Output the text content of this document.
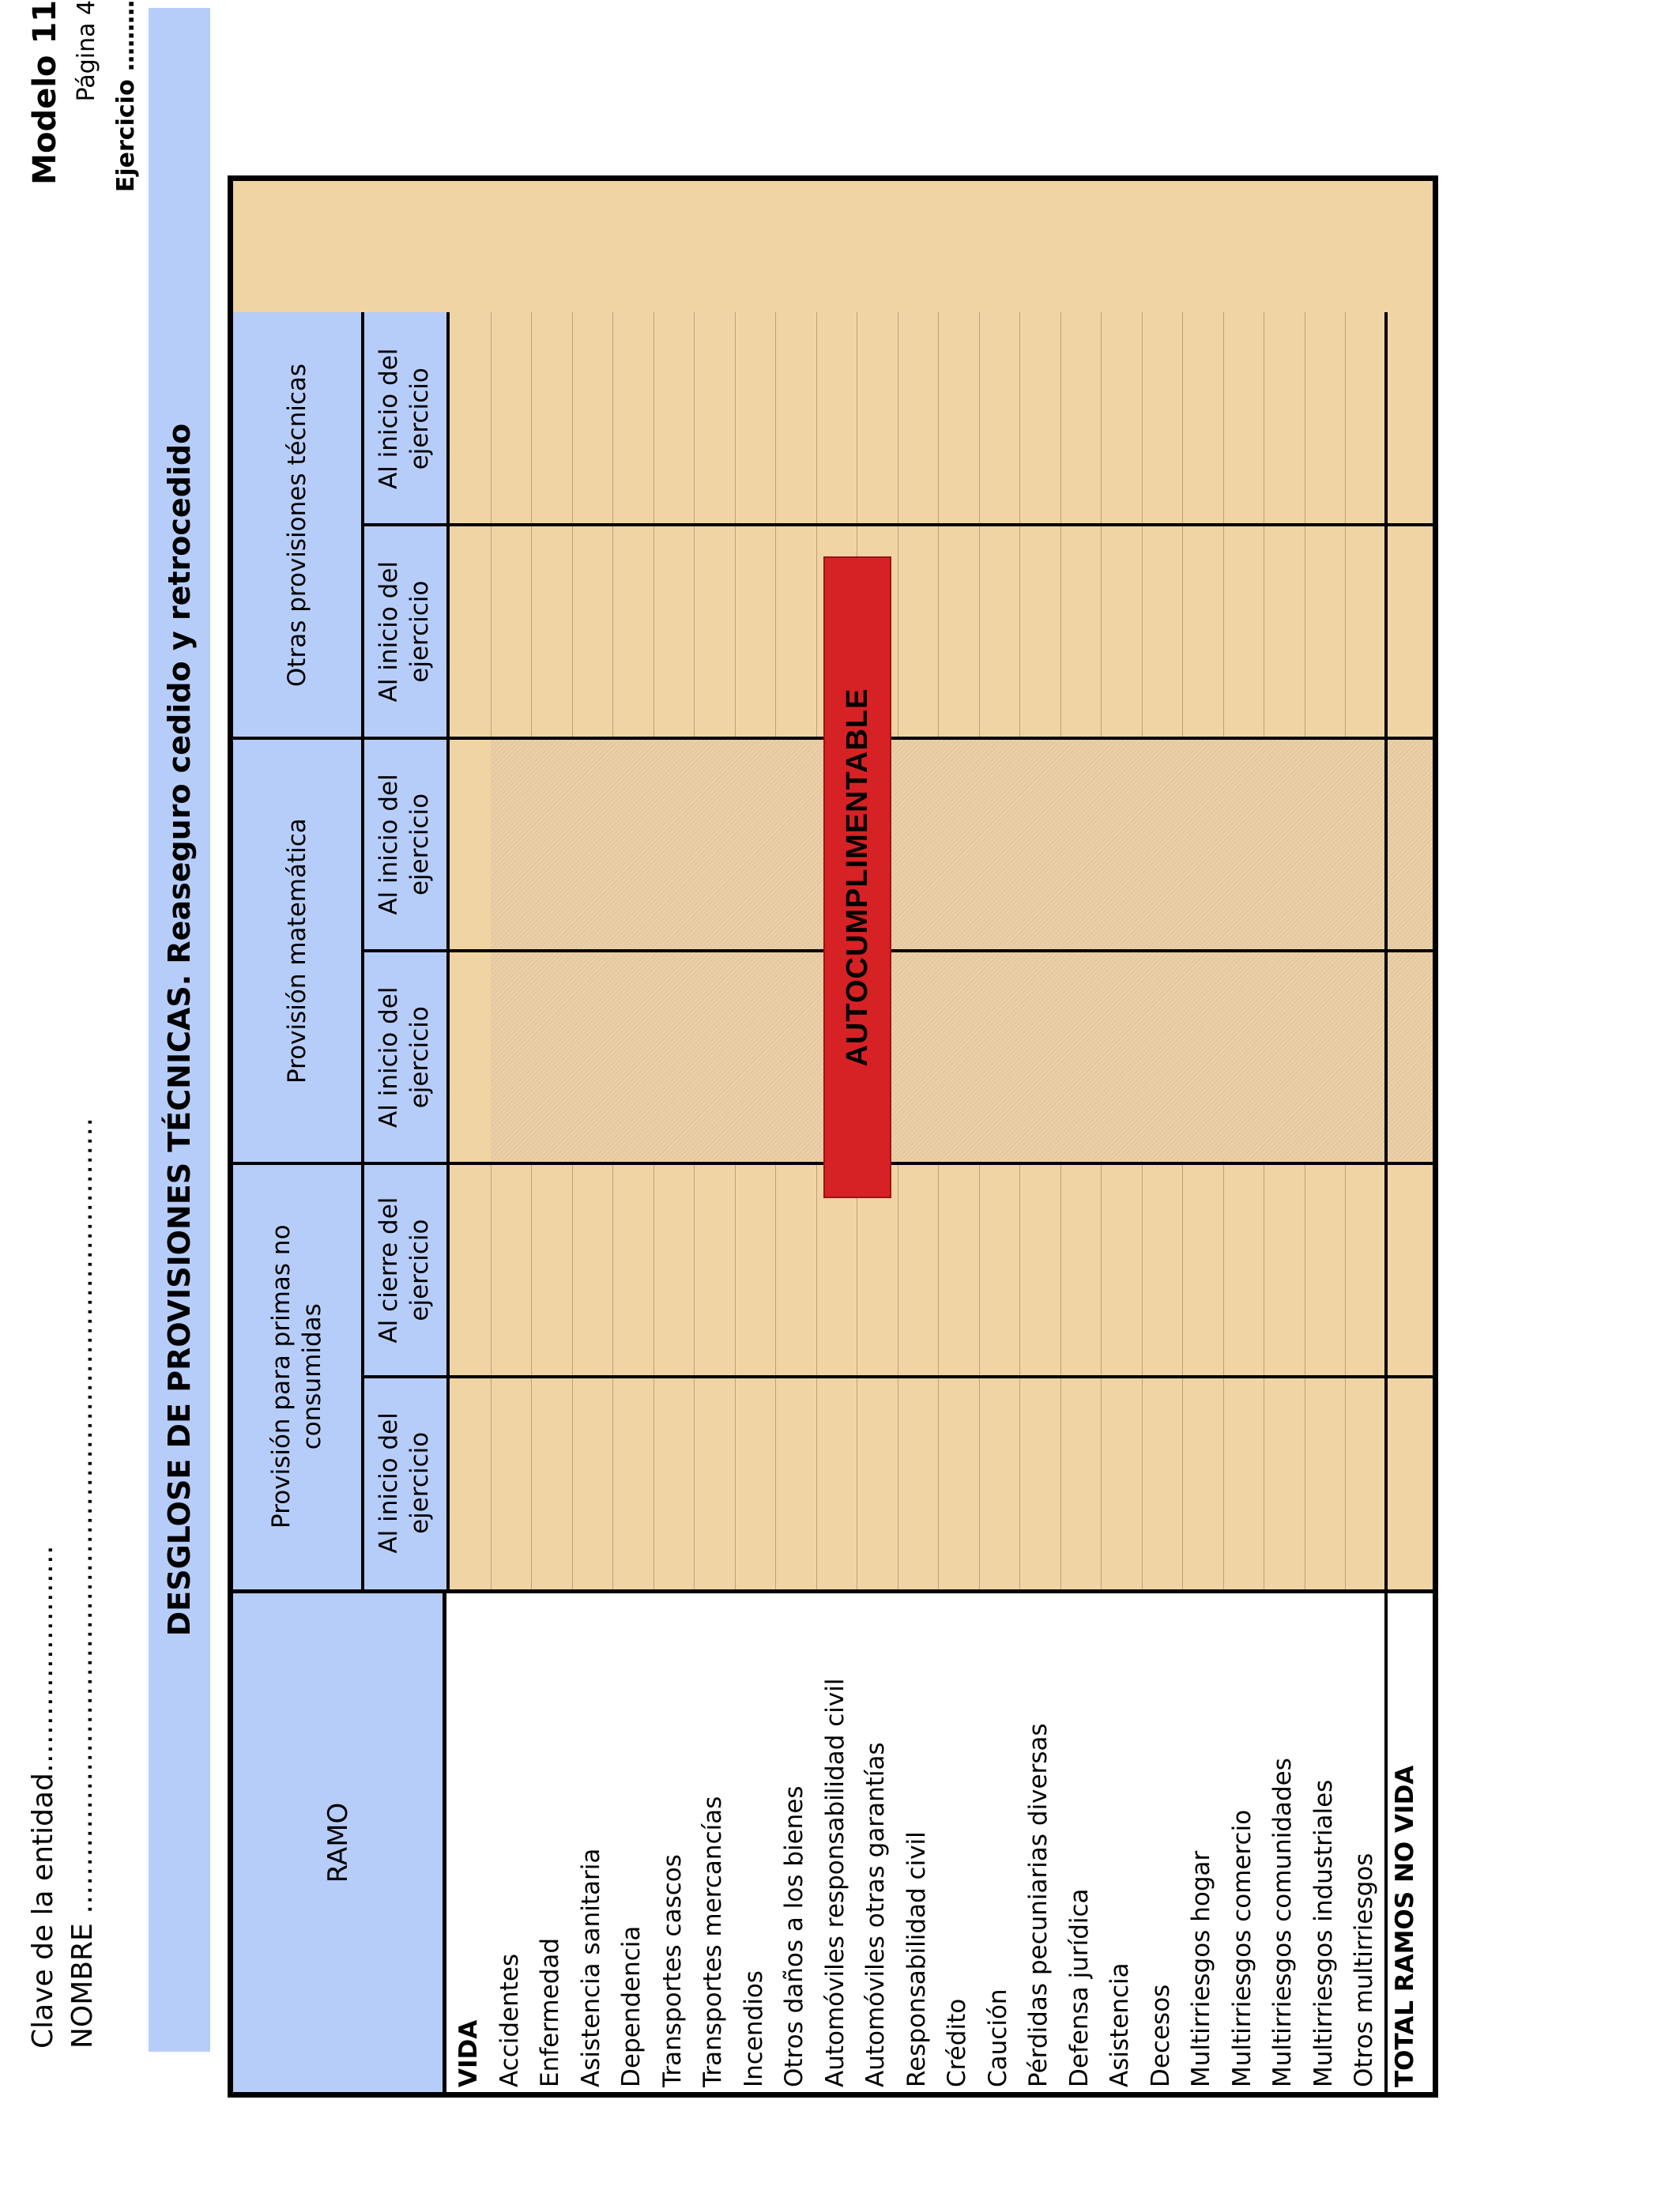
Clave de la entidad…………………… NOMBRE …………………………………………………………………………
Modelo 11 Página 4 Ejercicio ………
DESGLOSE DE PROVISIONES TÉCNICAS. Reaseguro cedido y retrocedido
RAMO
VIDA Accidentes Enfermedad Asistencia sanitaria Dependencia Transportes cascos Transportes mercancías Incendios Otros daños a los bienes Automóviles responsabilidad civil Automóviles otras garantías Responsabilidad civil Crédito Caución Pérdidas pecuniarias diversas Defensa jurídica Asistencia Decesos Multirriesgos hogar Multirriesgos comercio Multirriesgos comunidades Multirriesgos industriales Otros multirriesgos TOTAL RAMOS NO VIDA
Provisión para primas no consumidas
Al inicio del ejercicio
Al cierre del ejercicio
Provisión matemática	Al inicio del ejercicio
Al inicio del ejercicio
Otras provisiones técnicas	Al inicio del ejercicio
Al inicio del ejercicio
AUTOCUMPLIMENTABLE
